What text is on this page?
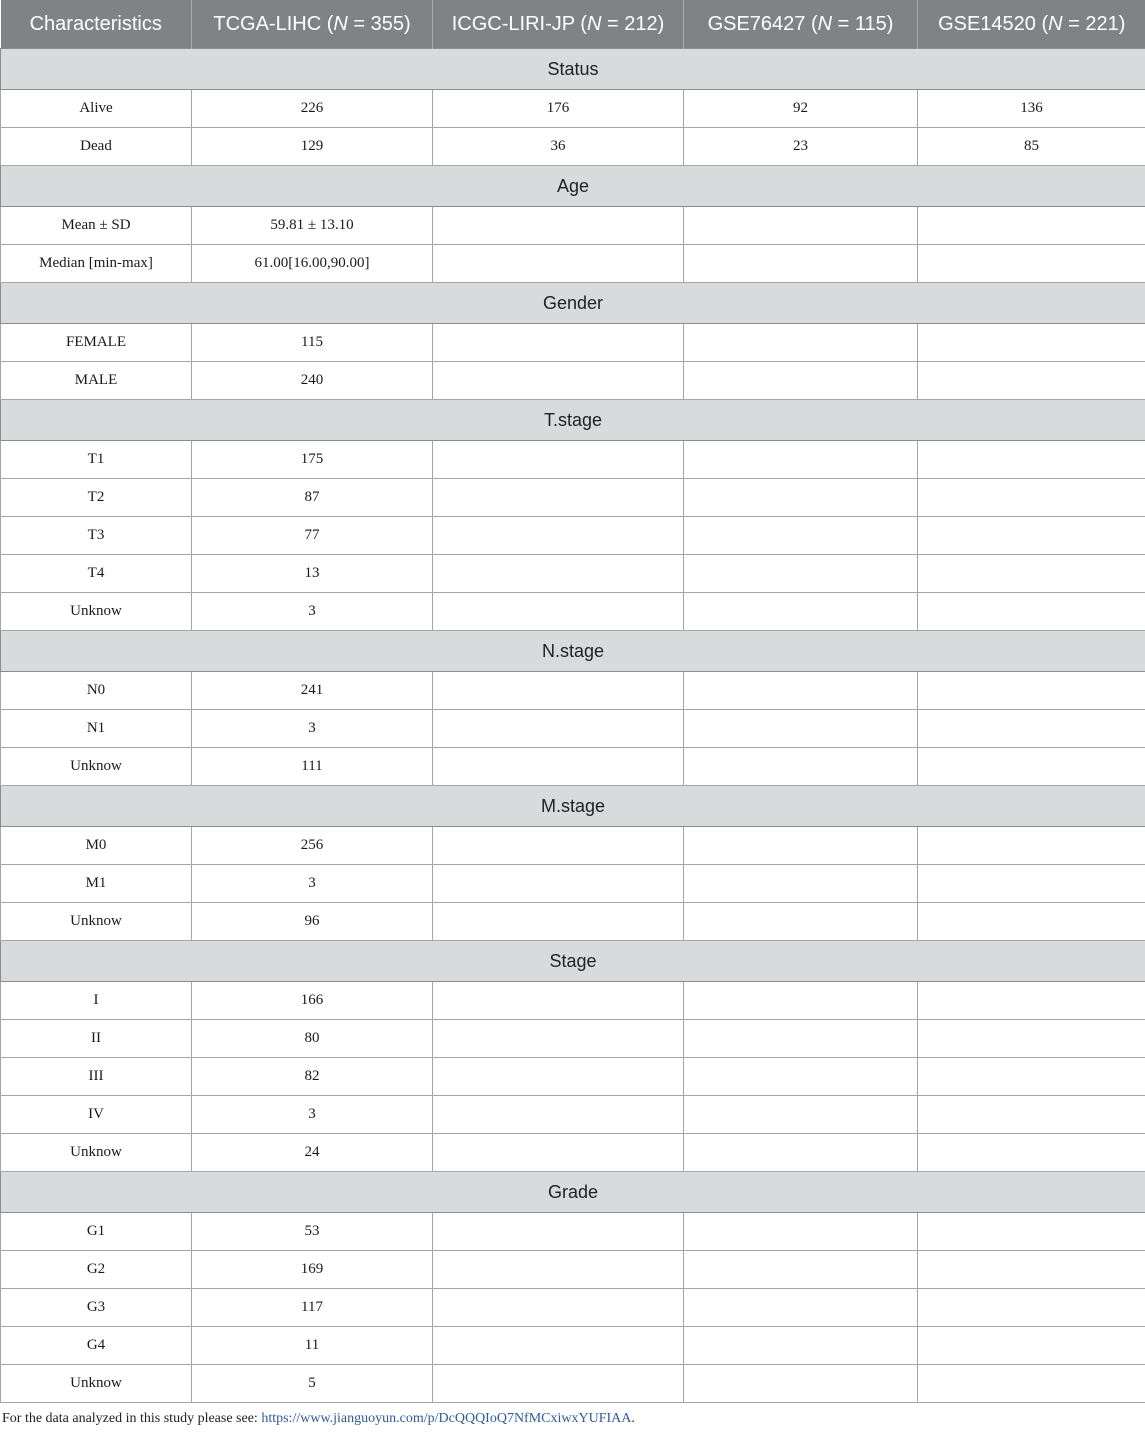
Characteristics	TCGA-LIHC (N = 355)	ICGC-LIRI-JP (N = 212)	GSE76427 (N = 115)	GSE14520 (N = 221)
Status				
Alive	226	176	92	136
Dead	129	36	23	85
Age				
Mean ± SD	59.81 ± 13.10			
Median [min-max]	61.00[16.00,90.00]			
Gender				
FEMALE	115			
MALE	240			
T.stage				
T1	175			
T2	87			
T3	77			
T4	13			
Unknow	3			
N.stage				
N0	241			
N1	3			
Unknow	111			
M.stage				
M0	256			
M1	3			
Unknow	96			
Stage				
I	166			
II	80			
III	82			
IV	3			
Unknow	24			
Grade				
G1	53			
G2	169			
G3	117			
G4	11			
Unknow	5			
For the data analyzed in this study please see: https://www.jianguoyun.com/p/DcQQQIoQ7NfMCxiwxYUFIAA.
